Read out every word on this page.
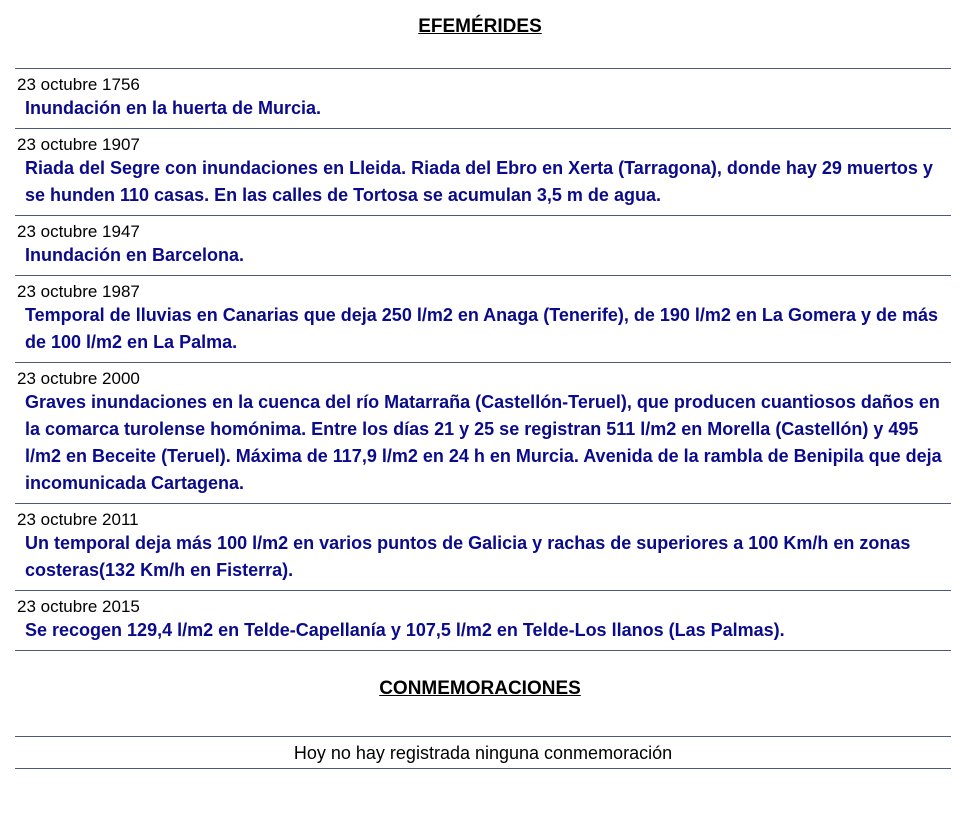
EFEMÉRIDES
23 octubre 1756
Inundación en la huerta de Murcia.
23 octubre 1907
Riada del Segre con inundaciones en Lleida. Riada del Ebro en Xerta (Tarragona), donde hay 29 muertos y se hunden 110 casas. En las calles de Tortosa se acumulan 3,5 m de agua.
23 octubre 1947
Inundación en Barcelona.
23 octubre 1987
Temporal de lluvias en Canarias que deja 250 l/m2 en Anaga (Tenerife), de 190 l/m2 en La Gomera y de más de 100 l/m2 en La Palma.
23 octubre 2000
Graves inundaciones en la cuenca del río Matarraña (Castellón-Teruel), que producen cuantiosos daños en la comarca turolense homónima. Entre los días 21 y 25 se registran 511 l/m2 en Morella (Castellón) y 495 l/m2 en Beceite (Teruel). Máxima de 117,9 l/m2 en 24 h en Murcia. Avenida de la rambla de Benipila que deja incomunicada Cartagena.
23 octubre 2011
Un temporal deja más 100 l/m2 en varios puntos de Galicia y rachas de superiores a 100 Km/h en zonas costeras(132 Km/h en Fisterra).
23 octubre 2015
Se recogen 129,4 l/m2 en Telde-Capellanía y 107,5 l/m2 en Telde-Los llanos (Las Palmas).
CONMEMORACIONES
Hoy no hay registrada ninguna conmemoración
